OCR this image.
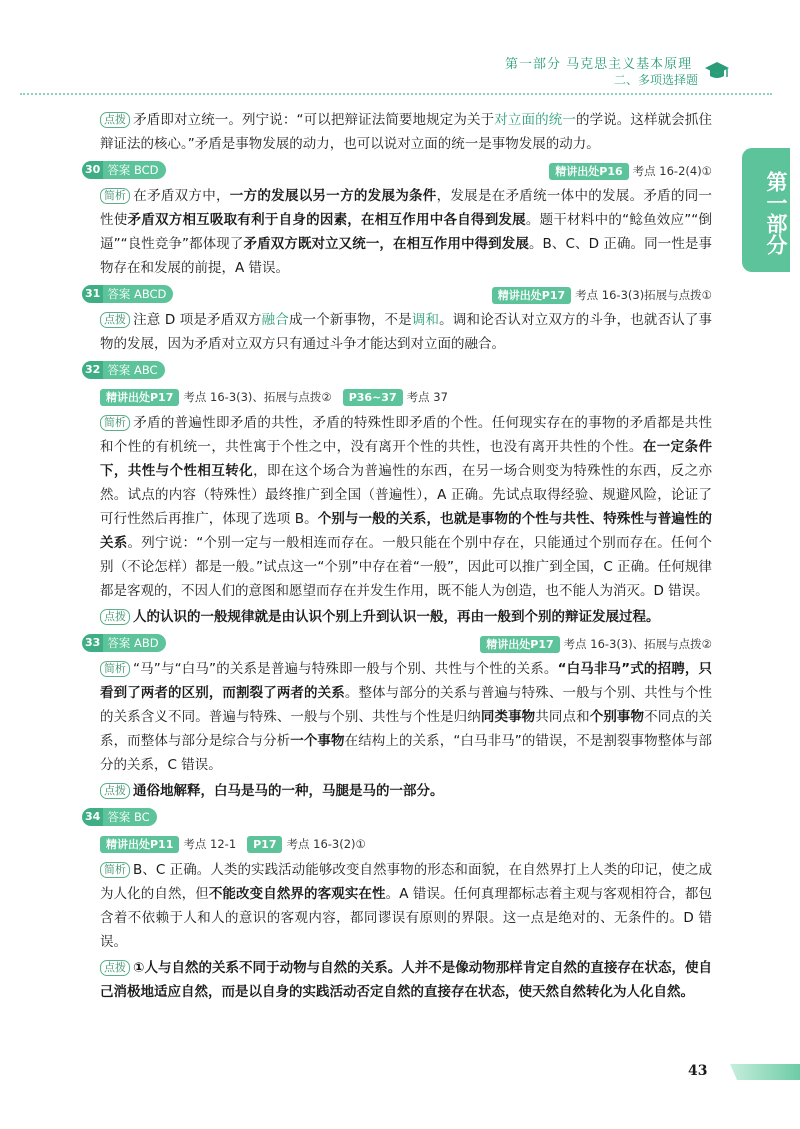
第一部分 马克思主义基本原理
二、多项选择题
第一部分

点拨 矛盾即对立统一。列宁说：“可以把辩证法简要地规定为关于对立面的统一的学说。这样就会抓住辩证法的核心。”矛盾是事物发展的动力，也可以说对立面的统一是事物发展的动力。

30 答案 BCD	精讲出处P16 考点 16-2(4)①

简析 在矛盾双方中，一方的发展以另一方的发展为条件，发展是在矛盾统一体中的发展。矛盾的同一性使矛盾双方相互吸取有利于自身的因素，在相互作用中各自得到发展。题干材料中的“鲶鱼效应”“倒逼”“良性竞争”都体现了矛盾双方既对立又统一，在相互作用中得到发展。B、C、D 正确。同一性是事物存在和发展的前提，A 错误。

31 答案 ABCD	精讲出处P17 考点 16-3(3)拓展与点拨①

点拨 注意 D 项是矛盾双方融合成一个新事物，不是调和。调和论否认对立双方的斗争，也就否认了事物的发展，因为矛盾对立双方只有通过斗争才能达到对立面的融合。

32 答案 ABC
精讲出处P17 考点 16-3(3)、拓展与点拨② P36~37 考点 37

简析 矛盾的普遍性即矛盾的共性，矛盾的特殊性即矛盾的个性。任何现实存在的事物的矛盾都是共性和个性的有机统一，共性寓于个性之中，没有离开个性的共性，也没有离开共性的个性。在一定条件下，共性与个性相互转化，即在这个场合为普遍性的东西，在另一场合则变为特殊性的东西，反之亦然。试点的内容（特殊性）最终推广到全国（普遍性），A 正确。先试点取得经验、规避风险，论证了可行性然后再推广，体现了选项 B。个别与一般的关系，也就是事物的个性与共性、特殊性与普遍性的关系。列宁说：“个别一定与一般相连而存在。一般只能在个别中存在，只能通过个别而存在。任何个别（不论怎样）都是一般。”试点这一“个别”中存在着“一般”，因此可以推广到全国，C 正确。任何规律都是客观的，不因人们的意图和愿望而存在并发生作用，既不能人为创造，也不能人为消灭。D 错误。

点拨 人的认识的一般规律就是由认识个别上升到认识一般，再由一般到个别的辩证发展过程。

33 答案 ABD	精讲出处P17 考点 16-3(3)、拓展与点拨②

简析 “马”与“白马”的关系是普遍与特殊即一般与个别、共性与个性的关系。“白马非马”式的招聘，只看到了两者的区别，而割裂了两者的关系。整体与部分的关系与普遍与特殊、一般与个别、共性与个性的关系含义不同。普遍与特殊、一般与个别、共性与个性是归纳同类事物共同点和个别事物不同点的关系，而整体与部分是综合与分析一个事物在结构上的关系，“白马非马”的错误，不是割裂事物整体与部分的关系，C 错误。

点拨 通俗地解释，白马是马的一种，马腿是马的一部分。

34 答案 BC
精讲出处P11 考点 12-1 P17 考点 16-3(2)①

简析 B、C 正确。人类的实践活动能够改变自然事物的形态和面貌，在自然界打上人类的印记，使之成为人化的自然，但不能改变自然界的客观实在性。A 错误。任何真理都标志着主观与客观相符合，都包含着不依赖于人和人的意识的客观内容，都同谬误有原则的界限。这一点是绝对的、无条件的。D 错误。

点拨 ①人与自然的关系不同于动物与自然的关系。人并不是像动物那样肯定自然的直接存在状态，使自己消极地适应自然，而是以自身的实践活动否定自然的直接存在状态，使天然自然转化为人化自然。

43
